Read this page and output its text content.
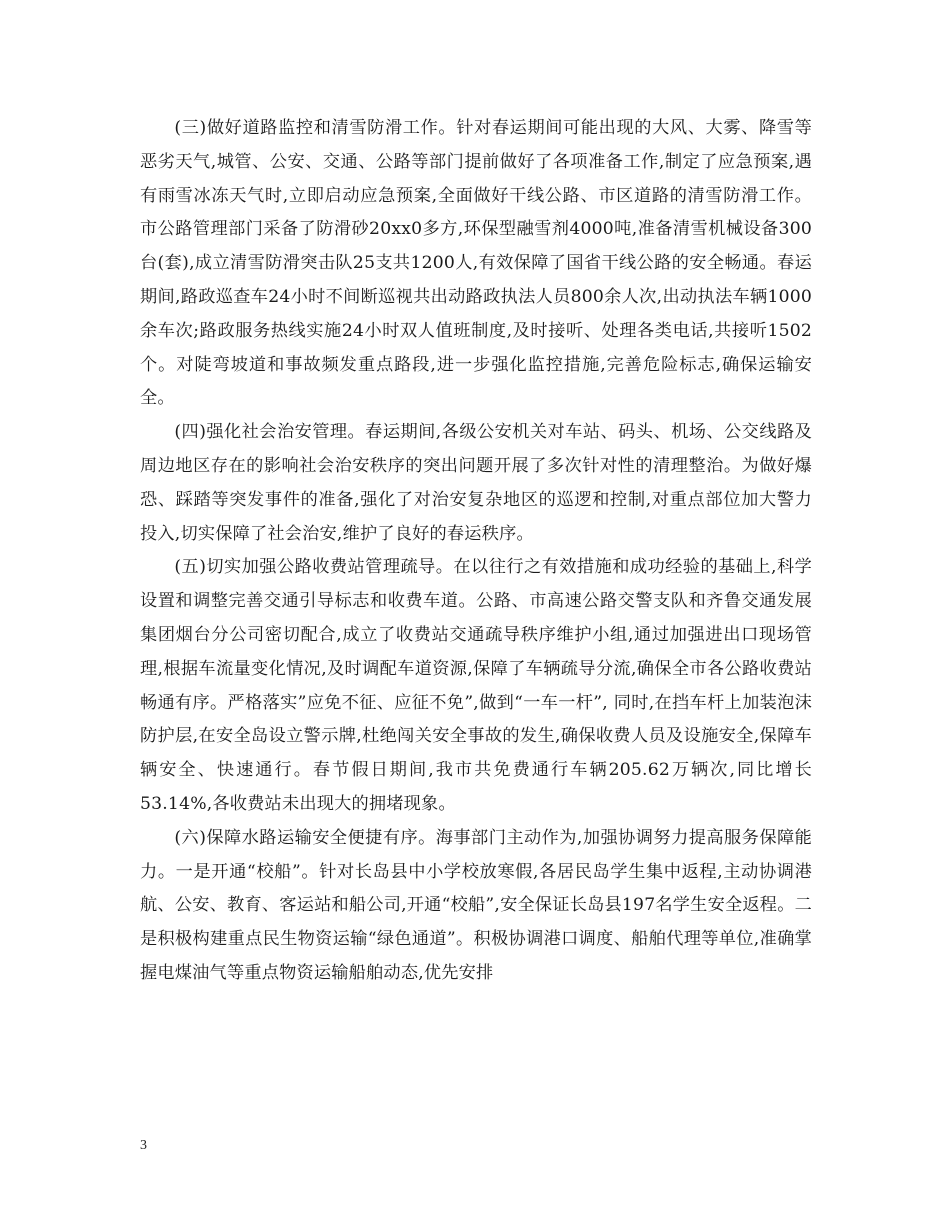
(三)做好道路监控和清雪防滑工作。针对春运期间可能出现的大风、大雾、降雪等恶劣天气,城管、公安、交通、公路等部门提前做好了各项准备工作,制定了应急预案,遇有雨雪冰冻天气时,立即启动应急预案,全面做好干线公路、市区道路的清雪防滑工作。市公路管理部门采备了防滑砂20xx0多方,环保型融雪剂4000吨,准备清雪机械设备300台(套),成立清雪防滑突击队25支共1200人,有效保障了国省干线公路的安全畅通。春运期间,路政巡查车24小时不间断巡视共出动路政执法人员800余人次,出动执法车辆1000余车次;路政服务热线实施24小时双人值班制度,及时接听、处理各类电话,共接听1502个。对陡弯坡道和事故频发重点路段,进一步强化监控措施,完善危险标志,确保运输安全。

(四)强化社会治安管理。春运期间,各级公安机关对车站、码头、机场、公交线路及周边地区存在的影响社会治安秩序的突出问题开展了多次针对性的清理整治。为做好爆恐、踩踏等突发事件的准备,强化了对治安复杂地区的巡逻和控制,对重点部位加大警力投入,切实保障了社会治安,维护了良好的春运秩序。

(五)切实加强公路收费站管理疏导。在以往行之有效措施和成功经验的基础上,科学设置和调整完善交通引导标志和收费车道。公路、市高速公路交警支队和齐鲁交通发展集团烟台分公司密切配合,成立了收费站交通疏导秩序维护小组,通过加强进出口现场管理,根据车流量变化情况,及时调配车道资源,保障了车辆疏导分流,确保全市各公路收费站畅通有序。严格落实”应免不征、应征不免”,做到“一车一杆”, 同时,在挡车杆上加装泡沫防护层,在安全岛设立警示牌,杜绝闯关安全事故的发生,确保收费人员及设施安全,保障车辆安全、快速通行。春节假日期间,我市共免费通行车辆205.62万辆次,同比增长53.14%,各收费站未出现大的拥堵现象。

(六)保障水路运输安全便捷有序。海事部门主动作为,加强协调努力提高服务保障能力。一是开通“校船”。针对长岛县中小学校放寒假,各居民岛学生集中返程,主动协调港航、公安、教育、客运站和船公司,开通“校船”,安全保证长岛县197名学生安全返程。二是积极构建重点民生物资运输“绿色通道”。积极协调港口调度、船舶代理等单位,准确掌握电煤油气等重点物资运输船舶动态,优先安排

3
